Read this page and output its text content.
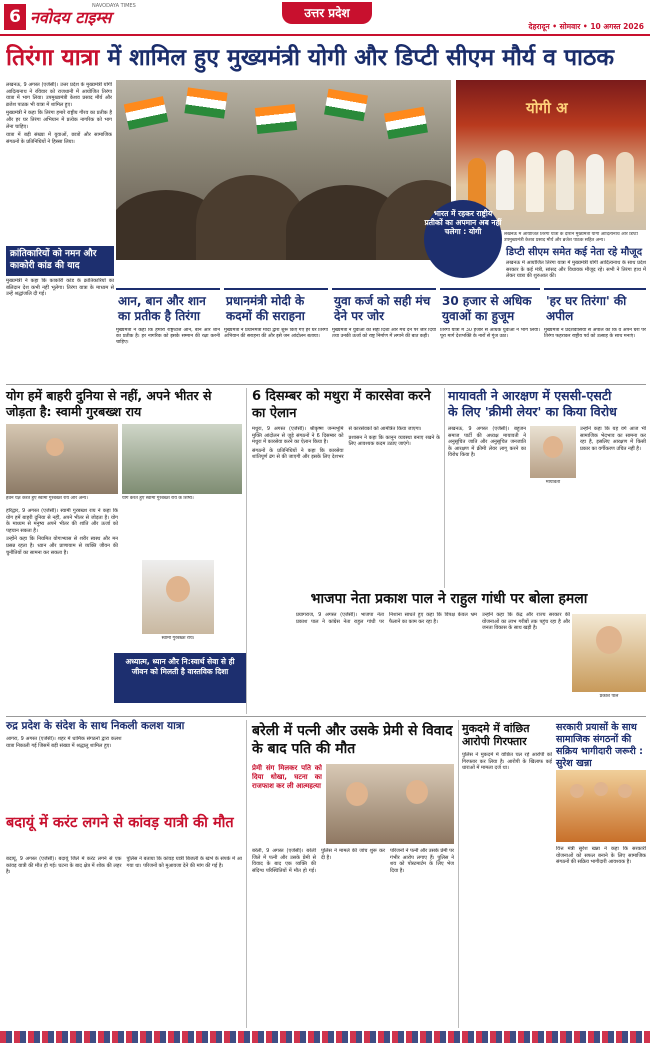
6 नवोदय टाइम्स
NAVODAYA TIMES	उत्तर प्रदेश
देहरादून • सोमवार • 10 अगस्त 2026
तिरंगा यात्रा में शामिल हुए मुख्यमंत्री योगी और डिप्टी सीएम मौर्य व पाठक

लखनऊ, 9 अगस्त (एजेंसी)। उत्तर प्रदेश के मुख्यमंत्री योगी आदित्यनाथ ने रविवार को राजधानी में आयोजित तिरंगा यात्रा में भाग लिया। उपमुख्यमंत्री केशव प्रसाद मौर्य और ब्रजेश पाठक भी यात्रा में शामिल हुए।

मुख्यमंत्री ने कहा कि तिरंगा हमारे राष्ट्रीय गौरव का प्रतीक है और हर घर तिरंगा अभियान में प्रत्येक नागरिक को भाग लेना चाहिए।

यात्रा में बड़ी संख्या में युवाओं, छात्रों और सामाजिक संगठनों के प्रतिनिधियों ने हिस्सा लिया।

योगी अ
लखनऊ में आयोजित तिरंगा यात्रा के दौरान मुख्यमंत्री योगी आदित्यनाथ और डिप्टी उपमुख्यमंत्री केशव प्रसाद मौर्य और ब्रजेश पाठक सहित अन्य।
भारत में रहकर राष्ट्रीय प्रतीकों का अपमान अब नहीं चलेगा : योगी
डिप्टी सीएम समेत कई नेता रहे मौजूद
लखनऊ में आयोजित तिरंगा यात्रा में मुख्यमंत्री योगी आदित्यनाथ के साथ प्रदेश सरकार के कई मंत्री, सांसद और विधायक मौजूद रहे। सभी ने तिरंगा हाथ में लेकर यात्रा की शुरुआत की।
क्रांतिकारियों को नमन और काकोरी कांड की याद
मुख्यमंत्री ने कहा कि काकोरी कांड के क्रांतिकारियों का बलिदान देश कभी नहीं भूलेगा। तिरंगा यात्रा के माध्यम से उन्हें श्रद्धांजलि दी गई।	आन, बान और शान का प्रतीक है तिरंगा
मुख्यमंत्री ने कहा कि हमारा राष्ट्रध्वज आन, बान और शान का प्रतीक है। हर नागरिक को इसके सम्मान की रक्षा करनी चाहिए।
प्रधानमंत्री मोदी के कदमों की सराहना
मुख्यमंत्री ने प्रधानमंत्री मोदी द्वारा शुरू किए गए हर घर तिरंगा अभियान की सराहना की और इसे जन आंदोलन बताया।
युवा कर्ज को सही मंच देने पर जोर
मुख्यमंत्री ने युवाओं को सही दिशा और मंच देने पर जोर दिया तथा उनकी ऊर्जा को राष्ट्र निर्माण में लगाने की बात कही।
30 हजार से अधिक युवाओं का हुजूम
तिरंगा यात्रा में 30 हजार से अधिक युवाओं ने भाग लिया। पूरा मार्ग देशभक्ति के नारों से गूंज उठा।
'हर घर तिरंगा' की अपील
मुख्यमंत्री ने प्रदेशवासियों से अपील की कि वे अपने घरों पर तिरंगा फहराकर राष्ट्रीय पर्व को उत्साह के साथ मनाएं।
योग हमें बाहरी दुनिया से नहीं, अपने भीतर से जोड़ता है: स्वामी गुरबख्श राय
हवन यज्ञ करते हुए स्वामी गुरबख्श राय और अन्य।	योग करते हुए स्वामी गुरबख्श राय के शिष्य।

हरिद्वार, 9 अगस्त (एजेंसी)। स्वामी गुरबख्श राय ने कहा कि योग हमें बाहरी दुनिया से नहीं, अपने भीतर से जोड़ता है। योग के माध्यम से मनुष्य अपने भीतर की शांति और ऊर्जा को पहचान सकता है।

उन्होंने कहा कि नियमित योगाभ्यास से शरीर स्वस्थ और मन प्रसन्न रहता है। ध्यान और प्राणायाम से व्यक्ति जीवन की चुनौतियों का सामना कर सकता है।

स्वामी गुरबख्श राय।
अध्यात्म, ध्यान और नि:स्वार्थ सेवा से ही जीवन को मिलती है वास्तविक दिशा
6 दिसम्बर को मथुरा में कारसेवा करने का ऐलान

मथुरा, 9 अगस्त (एजेंसी)। श्रीकृष्ण जन्मभूमि मुक्ति आंदोलन से जुड़े संगठनों ने 6 दिसम्बर को मथुरा में कारसेवा करने का ऐलान किया है।

संगठनों के प्रतिनिधियों ने कहा कि कारसेवा शांतिपूर्ण ढंग से की जाएगी और इसके लिए देशभर से कारसेवकों को आमंत्रित किया जाएगा।

प्रशासन ने कहा कि कानून व्यवस्था बनाए रखने के लिए आवश्यक कदम उठाए जाएंगे।

मायावती ने आरक्षण में एससी-एसटी
के लिए 'क्रीमी लेयर' का किया विरोध
मायावती
लखनऊ, 9 अगस्त (एजेंसी)। बहुजन समाज पार्टी की अध्यक्ष मायावती ने अनुसूचित जाति और अनुसूचित जनजाति के आरक्षण में क्रीमी लेयर लागू करने का विरोध किया है।
उन्होंने कहा कि यह वर्ग आज भी सामाजिक भेदभाव का सामना कर रहा है, इसलिए आरक्षण में किसी प्रकार का वर्गीकरण उचित नहीं है।
भाजपा नेता प्रकाश पाल ने राहुल गांधी पर बोला हमला

प्रयागराज, 9 अगस्त (एजेंसी)। भाजपा नेता प्रकाश पाल ने कांग्रेस नेता राहुल गांधी पर निशाना साधते हुए कहा कि विपक्ष केवल भ्रम फैलाने का काम कर रहा है।

उन्होंने कहा कि केंद्र और राज्य सरकार की योजनाओं का लाभ गरीबों तक पहुंच रहा है और जनता विकास के साथ खड़ी है।

प्रकाश पाल
रुद्र प्रदेश के संदेश के साथ निकली कलश यात्रा
आगरा, 9 अगस्त (एजेंसी)। शहर में धार्मिक संगठनों द्वारा कलश यात्रा निकाली गई जिसमें बड़ी संख्या में श्रद्धालु शामिल हुए।
बदायूं में करंट लगने से कांवड़ यात्री की मौत

बदायूं, 9 अगस्त (एजेंसी)। बदायूं जिले में करंट लगने से एक कांवड़ यात्री की मौत हो गई। घटना के बाद क्षेत्र में शोक की लहर है।

पुलिस ने बताया कि कांवड़ यात्री बिजली के खंभे के संपर्क में आ गया था। परिजनों को मुआवजा देने की मांग की गई है।

बरेली में पत्नी और उसके प्रेमी से विवाद के बाद पति की मौत
प्रेमी संग मिलकर पति को दिया धोखा, घटना का राजफाश कर ली आत्महत्या

बरेली, 9 अगस्त (एजेंसी)। बरेली जिले में पत्नी और उसके प्रेमी से विवाद के बाद एक व्यक्ति की संदिग्ध परिस्थितियों में मौत हो गई। पुलिस ने मामले की जांच शुरू कर दी है।

परिजनों ने पत्नी और उसके प्रेमी पर गंभीर आरोप लगाए हैं। पुलिस ने शव को पोस्टमार्टम के लिए भेज दिया है।

मुकदमे में वांछित आरोपी गिरफ्तार
पुलिस ने मुकदमे में वांछित चल रहे आरोपी को गिरफ्तार कर लिया है। आरोपी के खिलाफ कई धाराओं में मामला दर्ज था।
सरकारी प्रयासों के साथ सामाजिक संगठनों की सक्रिय भागीदारी जरूरी : सुरेश खन्ना
वित्त मंत्री सुरेश खन्ना ने कहा कि सरकारी योजनाओं को सफल बनाने के लिए सामाजिक संगठनों की सक्रिय भागीदारी आवश्यक है।
